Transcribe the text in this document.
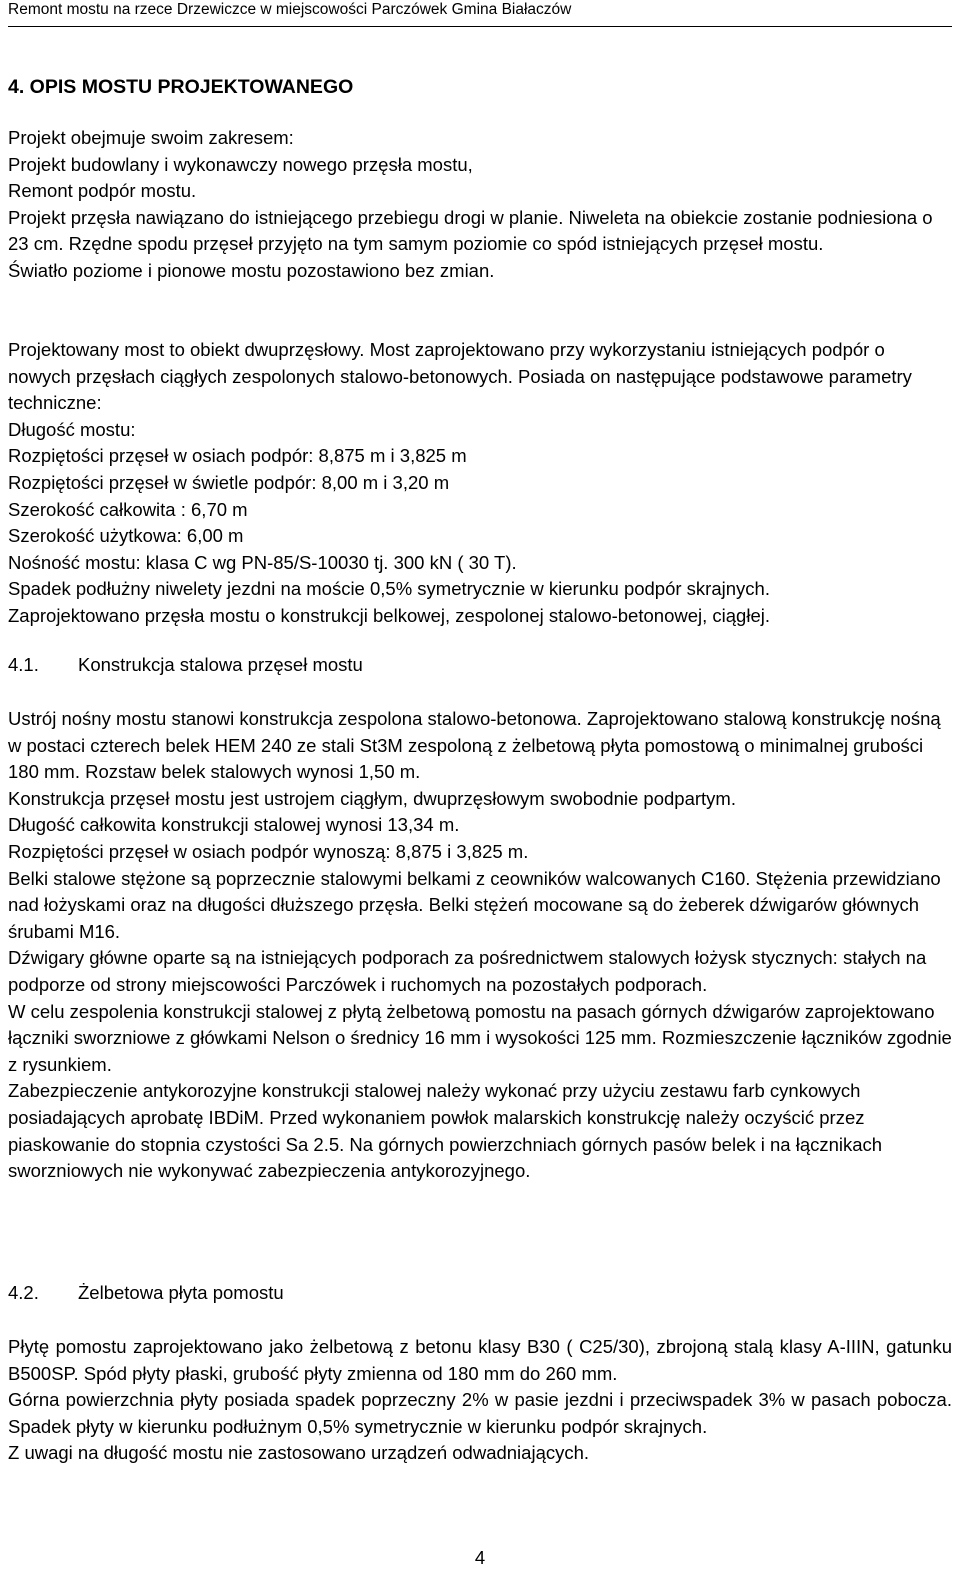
Remont mostu na rzece Drzewiczce w miejscowości Parczówek Gmina Białaczów
4. OPIS MOSTU PROJEKTOWANEGO

Projekt obejmuje swoim zakresem:

Projekt budowlany i wykonawczy nowego przęsła mostu,

Remont podpór mostu.

Projekt przęsła nawiązano do istniejącego przebiegu drogi w planie. Niweleta na obiekcie zostanie podniesiona o 23 cm. Rzędne spodu przęseł przyjęto na tym samym poziomie co spód istniejących przęseł mostu.

Światło poziome i pionowe mostu pozostawiono bez zmian.

Projektowany most to obiekt dwuprzęsłowy. Most zaprojektowano przy wykorzystaniu istniejących podpór o nowych przęsłach ciągłych zespolonych stalowo-betonowych. Posiada on następujące podstawowe parametry techniczne:

Długość mostu:

Rozpiętości przęseł w osiach podpór: 8,875 m i 3,825 m

Rozpiętości przęseł w świetle podpór: 8,00 m i 3,20 m

Szerokość całkowita : 6,70 m

Szerokość użytkowa: 6,00 m

Nośność mostu: klasa C wg PN-85/S-10030 tj. 300 kN ( 30 T).

Spadek podłużny niwelety jezdni na moście 0,5% symetrycznie w kierunku podpór skrajnych.

Zaprojektowano przęsła mostu o konstrukcji belkowej, zespolonej stalowo-betonowej, ciągłej.

4.1. Konstrukcja stalowa przęseł mostu

Ustrój nośny mostu stanowi konstrukcja zespolona stalowo-betonowa. Zaprojektowano stalową konstrukcję nośną w postaci czterech belek HEM 240 ze stali St3M zespoloną z żelbetową płyta pomostową o minimalnej grubości 180 mm. Rozstaw belek stalowych wynosi 1,50 m.

Konstrukcja przęseł mostu jest ustrojem ciągłym, dwuprzęsłowym swobodnie podpartym.

Długość całkowita konstrukcji stalowej wynosi 13,34 m.

Rozpiętości przęseł w osiach podpór wynoszą: 8,875 i 3,825 m.

Belki stalowe stężone są poprzecznie stalowymi belkami z ceowników walcowanych C160. Stężenia przewidziano nad łożyskami oraz na długości dłuższego przęsła. Belki stężeń mocowane są do żeberek dźwigarów głównych śrubami M16.

Dźwigary główne oparte są na istniejących podporach za pośrednictwem stalowych łożysk stycznych: stałych na podporze od strony miejscowości Parczówek i ruchomych na pozostałych podporach.

W celu zespolenia konstrukcji stalowej z płytą żelbetową pomostu na pasach górnych dźwigarów zaprojektowano łączniki sworzniowe z główkami Nelson o średnicy 16 mm i wysokości 125 mm. Rozmieszczenie łączników zgodnie z rysunkiem.

Zabezpieczenie antykorozyjne konstrukcji stalowej należy wykonać przy użyciu zestawu farb cynkowych posiadających aprobatę IBDiM. Przed wykonaniem powłok malarskich konstrukcję należy oczyścić przez piaskowanie do stopnia czystości Sa 2.5. Na górnych powierzchniach górnych pasów belek i na łącznikach sworzniowych nie wykonywać zabezpieczenia antykorozyjnego.

4.2. Żelbetowa płyta pomostu

Płytę pomostu zaprojektowano jako żelbetową z betonu klasy B30 ( C25/30), zbrojoną stalą klasy A-IIIN, gatunku B500SP. Spód płyty płaski, grubość płyty zmienna od 180 mm do 260 mm.

Górna powierzchnia płyty posiada spadek poprzeczny 2% w pasie jezdni i przeciwspadek 3% w pasach pobocza. Spadek płyty w kierunku podłużnym 0,5% symetrycznie w kierunku podpór skrajnych.

Z uwagi na długość mostu nie zastosowano urządzeń odwadniających.

4
